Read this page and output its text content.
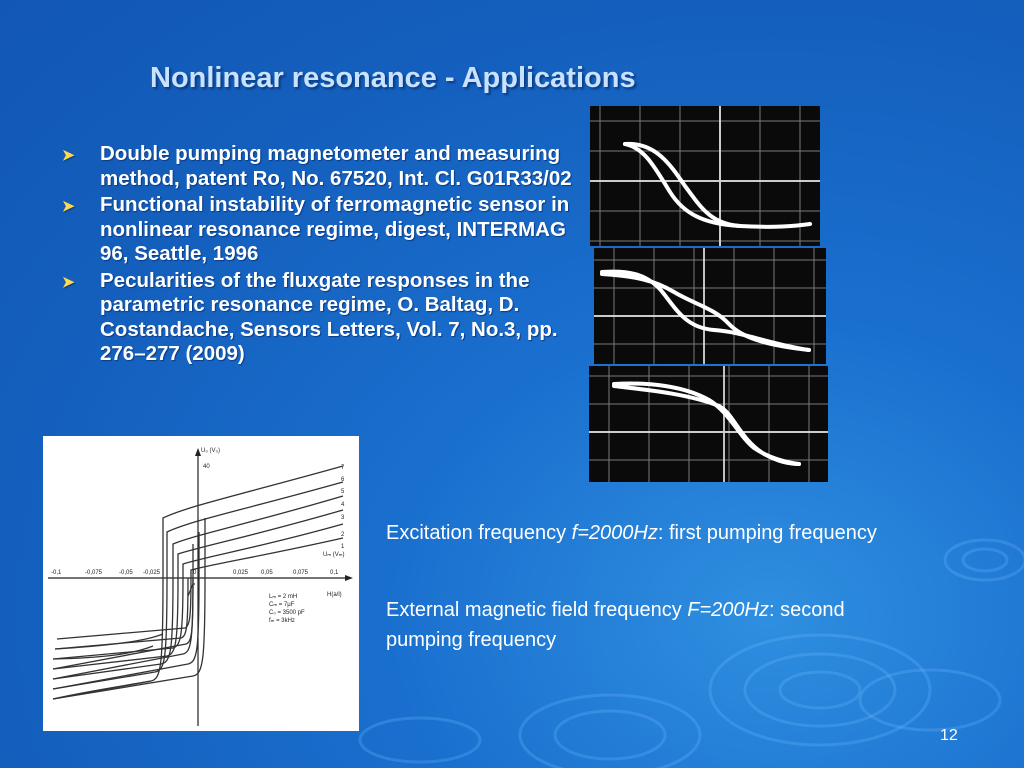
Nonlinear resonance - Applications
➤ Double pumping magnetometer and measuring method, patent Ro, No. 67520, Int. Cl. G01R33/02
➤ Functional instability of ferromagnetic sensor in nonlinear resonance regime, digest, INTERMAG 96, Seattle, 1996
➤ Pecularities of the fluxgate responses in the parametric resonance regime, O. Baltag, D. Costandache, Sensors Letters, Vol. 7, No.3, pp. 276–277 (2009)
U₀ (V₀)
40
H(a/l)
Uₘ (Vₘ)
7
6
5
4
3
2
1
-0,1	-0,075	-0,05 -0,025	0	0,025 0,05	0,075	0,1
Lₘ = 2 mH
Cₘ = 7μF
C₀ = 3500 pF
fₘ = 3kHz

Excitation frequency f=2000Hz: first pumping frequency

External magnetic field frequency F=200Hz: second pumping frequency

12
